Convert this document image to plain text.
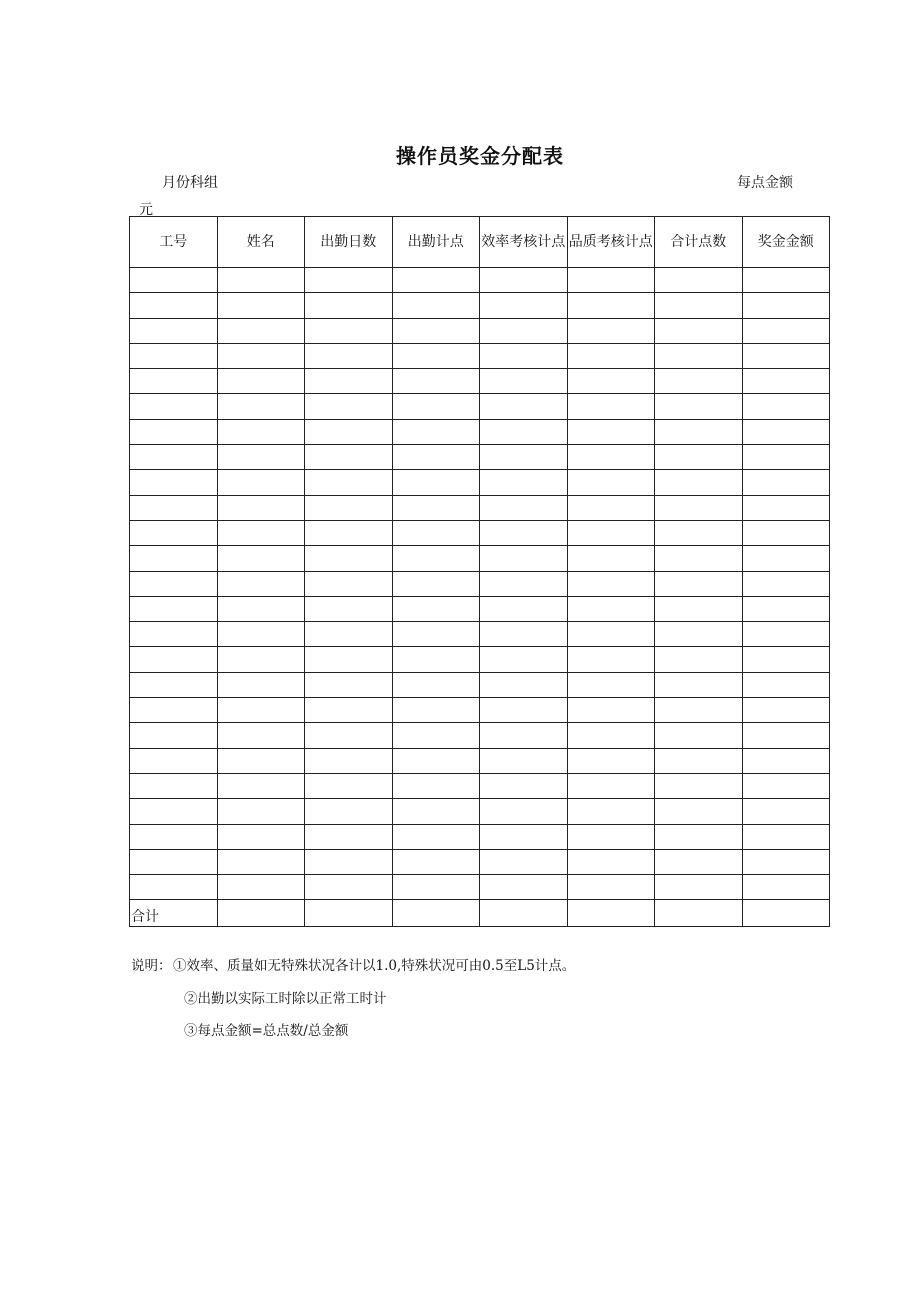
操作员奖金分配表
月份科组	每点金额
元
工号	姓名	出勤日数	出勤计点	效率考核计点	品质考核计点	合计点数	奖金金额

合计							
说明： ①效率、质量如无特殊状况各计以1.0,特殊状况可由0.5至L5计点。
②出勤以实际工时除以正常工时计
③每点金额=总点数/总金额
